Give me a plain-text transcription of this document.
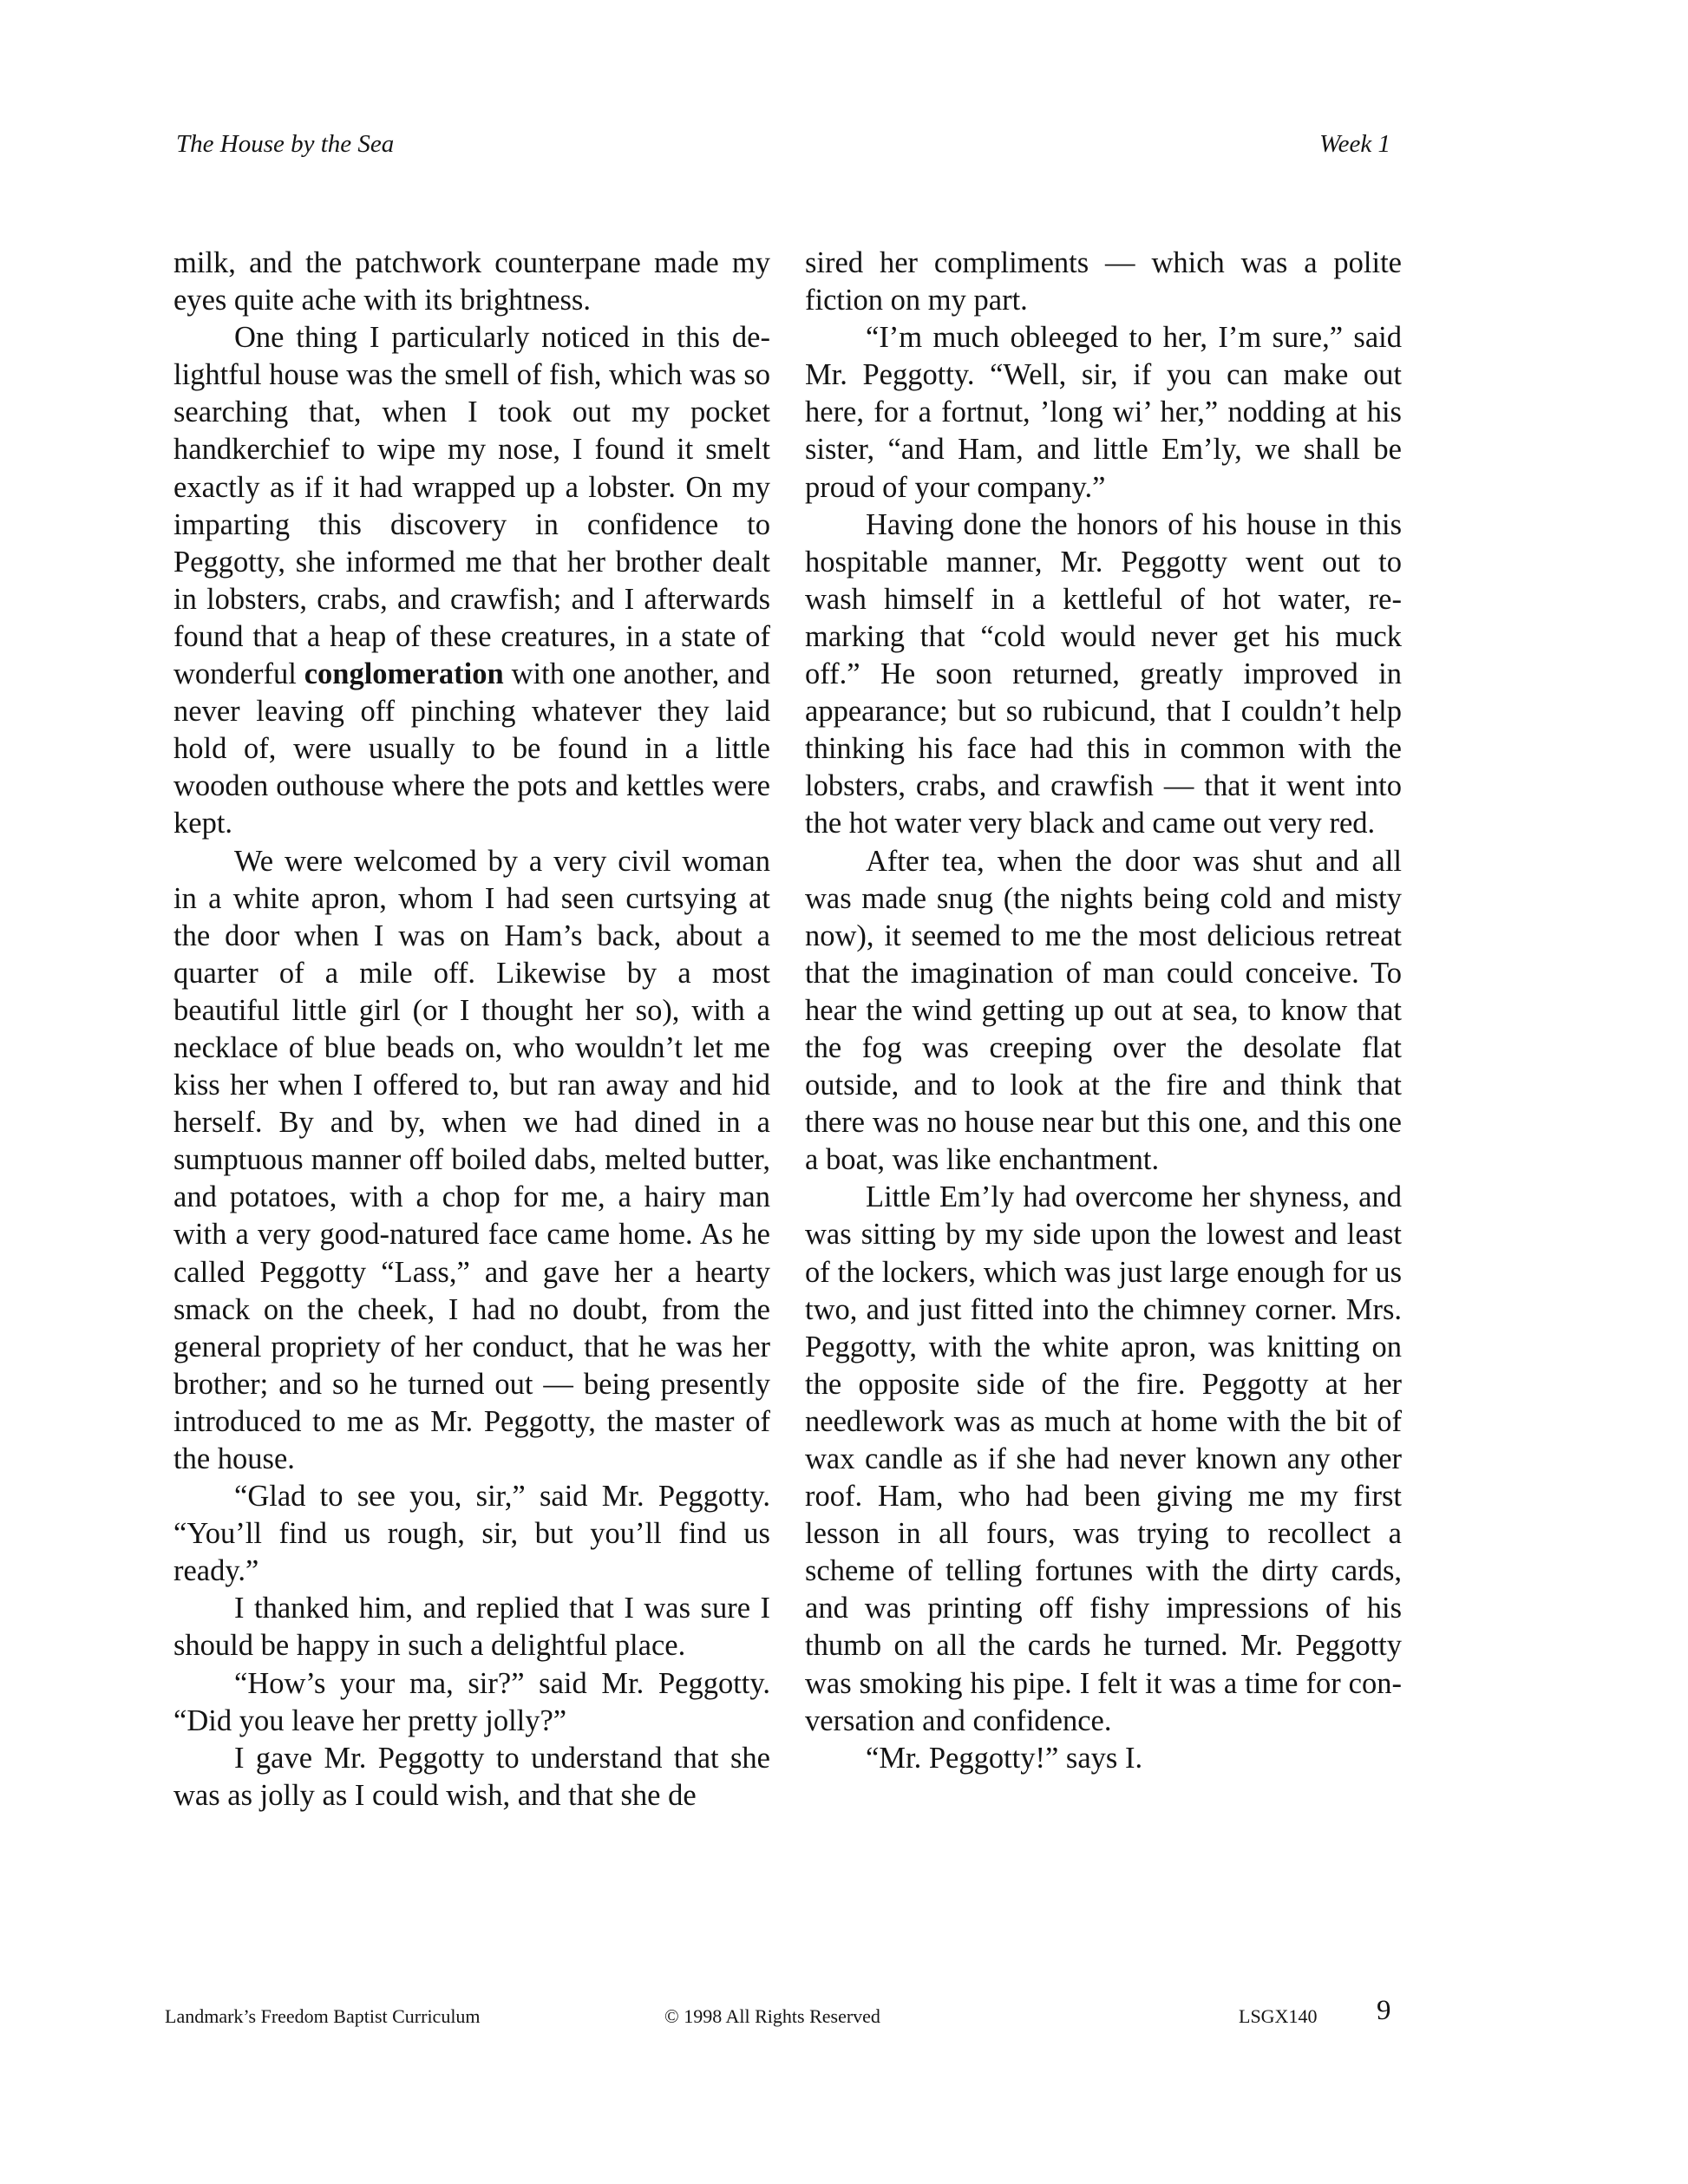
The House by the Sea	Week 1

milk, and the patchwork counterpane made my eyes quite ache with its brightness.

One thing I particularly noticed in this delightful house was the smell of fish, which was so searching that, when I took out my pocket handkerchief to wipe my nose, I found it smelt exactly as if it had wrapped up a lobster. On my imparting this discovery in confidence to Peggotty, she informed me that her brother dealt in lobsters, crabs, and crawfish; and I afterwards found that a heap of these creatures, in a state of wonderful conglomeration with one another, and never leaving off pinching whatever they laid hold of, were usually to be found in a little wooden outhouse where the pots and kettles were kept.

We were welcomed by a very civil woman in a white apron, whom I had seen curtsying at the door when I was on Ham’s back, about a quarter of a mile off. Likewise by a most beautiful little girl (or I thought her so), with a necklace of blue beads on, who wouldn’t let me kiss her when I offered to, but ran away and hid herself. By and by, when we had dined in a sumptuous manner off boiled dabs, melted butter, and potatoes, with a chop for me, a hairy man with a very good-natured face came home. As he called Peggotty “Lass,” and gave her a hearty smack on the cheek, I had no doubt, from the general propriety of her conduct, that he was her brother; and so he turned out — being presently introduced to me as Mr. Peggotty, the master of the house.

“Glad to see you, sir,” said Mr. Peggotty. “You’ll find us rough, sir, but you’ll find us ready.”

I thanked him, and replied that I was sure I should be happy in such a delightful place.

“How’s your ma, sir?” said Mr. Peggotty. “Did you leave her pretty jolly?”

I gave Mr. Peggotty to understand that she was as jolly as I could wish, and that she de

sired her compliments — which was a polite fiction on my part.

“I’m much obleeged to her, I’m sure,” said Mr. Peggotty. “Well, sir, if you can make out here, for a fortnut, ’long wi’ her,” nodding at his sister, “and Ham, and little Em’ly, we shall be proud of your company.”

Having done the honors of his house in this hospitable manner, Mr. Peggotty went out to wash himself in a kettleful of hot water, remarking that “cold would never get his muck off.” He soon returned, greatly improved in appearance; but so rubicund, that I couldn’t help thinking his face had this in common with the lobsters, crabs, and crawfish — that it went into the hot water very black and came out very red.

After tea, when the door was shut and all was made snug (the nights being cold and misty now), it seemed to me the most delicious retreat that the imagination of man could conceive. To hear the wind getting up out at sea, to know that the fog was creeping over the desolate flat outside, and to look at the fire and think that there was no house near but this one, and this one a boat, was like enchantment.

Little Em’ly had overcome her shyness, and was sitting by my side upon the lowest and least of the lockers, which was just large enough for us two, and just fitted into the chimney corner. Mrs. Peggotty, with the white apron, was knitting on the opposite side of the fire. Peggotty at her needlework was as much at home with the bit of wax candle as if she had never known any other roof. Ham, who had been giving me my first lesson in all fours, was trying to recollect a scheme of telling fortunes with the dirty cards, and was printing off fishy impressions of his thumb on all the cards he turned. Mr. Peggotty was smoking his pipe. I felt it was a time for conversation and confidence.

“Mr. Peggotty!” says I.

Landmark’s Freedom Baptist Curriculum	© 1998 All Rights Reserved	LSGX140 9
